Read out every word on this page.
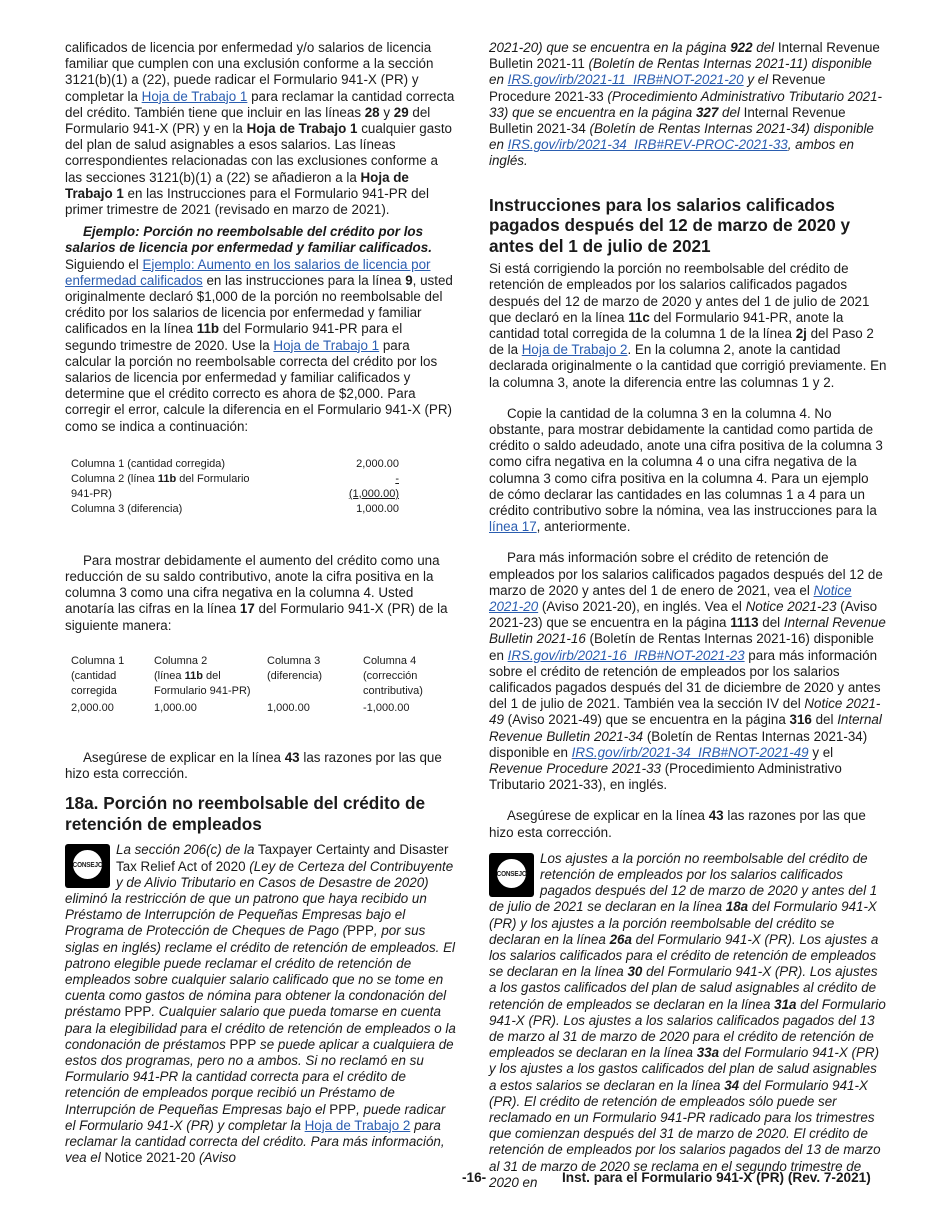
calificados de licencia por enfermedad y/o salarios de licencia familiar que cumplen con una exclusión conforme a la sección 3121(b)(1) a (22), puede radicar el Formulario 941-X (PR) y completar la Hoja de Trabajo 1 para reclamar la cantidad correcta del crédito. También tiene que incluir en las líneas 28 y 29 del Formulario 941-X (PR) y en la Hoja de Trabajo 1 cualquier gasto del plan de salud asignables a esos salarios. Las líneas correspondientes relacionadas con las exclusiones conforme a las secciones 3121(b)(1) a (22) se añadieron a la Hoja de Trabajo 1 en las Instrucciones para el Formulario 941-PR del primer trimestre de 2021 (revisado en marzo de 2021).

Ejemplo: Porción no reembolsable del crédito por los salarios de licencia por enfermedad y familiar calificados. Siguiendo el Ejemplo: Aumento en los salarios de licencia por enfermedad calificados en las instrucciones para la línea 9, usted originalmente declaró $1,000 de la porción no reembolsable del crédito por los salarios de licencia por enfermedad y familiar calificados en la línea 11b del Formulario 941-PR para el segundo trimestre de 2020. Use la Hoja de Trabajo 1 para calcular la porción no reembolsable correcta del crédito por los salarios de licencia por enfermedad y familiar calificados y determine que el crédito correcto es ahora de $2,000. Para corregir el error, calcule la diferencia en el Formulario 941-X (PR) como se indica a continuación:

Columna 1 (cantidad corregida)	2,000.00
Columna 2 (línea 11b del Formulario
941-PR)	- (1,000.00)
Columna 3 (diferencia)	1,000.00

Para mostrar debidamente el aumento del crédito como una reducción de su saldo contributivo, anote la cifra positiva en la columna 3 como una cifra negativa en la columna 4. Usted anotaría las cifras en la línea 17 del Formulario 941-X (PR) de la siguiente manera:

Columna 1	Columna 2	Columna 3	Columna 4
(cantidad corregida	(línea 11b del Formulario 941-PR)	(diferencia)	(corrección contributiva)
2,000.00	1,000.00	1,000.00	-1,000.00

Asegúrese de explicar en la línea 43 las razones por las que hizo esta corrección.

18a. Porción no reembolsable del crédito de retención de empleados
CONSEJO

La sección 206(c) de la Taxpayer Certainty and Disaster Tax Relief Act of 2020 (Ley de Certeza del Contribuyente y de Alivio Tributario en Casos de Desastre de 2020) eliminó la restricción de que un patrono que haya recibido un Préstamo de Interrupción de Pequeñas Empresas bajo el Programa de Protección de Cheques de Pago (PPP, por sus siglas en inglés) reclame el crédito de retención de empleados. El patrono elegible puede reclamar el crédito de retención de empleados sobre cualquier salario calificado que no se tome en cuenta como gastos de nómina para obtener la condonación del préstamo PPP. Cualquier salario que pueda tomarse en cuenta para la elegibilidad para el crédito de retención de empleados o la condonación de préstamos PPP se puede aplicar a cualquiera de estos dos programas, pero no a ambos. Si no reclamó en su Formulario 941-PR la cantidad correcta para el crédito de retención de empleados porque recibió un Préstamo de Interrupción de Pequeñas Empresas bajo el PPP, puede radicar el Formulario 941-X (PR) y completar la Hoja de Trabajo 2 para reclamar la cantidad correcta del crédito. Para más información, vea el Notice 2021-20 (Aviso

2021-20) que se encuentra en la página 922 del Internal Revenue Bulletin 2021-11 (Boletín de Rentas Internas 2021-11) disponible en IRS.gov/irb/2021-11_IRB#NOT-2021-20 y el Revenue Procedure 2021-33 (Procedimiento Administrativo Tributario 2021-33) que se encuentra en la página 327 del Internal Revenue Bulletin 2021-34 (Boletín de Rentas Internas 2021-34) disponible en IRS.gov/irb/2021-34_IRB#REV-PROC-2021-33, ambos en inglés.

Instrucciones para los salarios calificados pagados después del 12 de marzo de 2020 y antes del 1 de julio de 2021

Si está corrigiendo la porción no reembolsable del crédito de retención de empleados por los salarios calificados pagados después del 12 de marzo de 2020 y antes del 1 de julio de 2021 que declaró en la línea 11c del Formulario 941-PR, anote la cantidad total corregida de la columna 1 de la línea 2j del Paso 2 de la Hoja de Trabajo 2. En la columna 2, anote la cantidad declarada originalmente o la cantidad que corrigió previamente. En la columna 3, anote la diferencia entre las columnas 1 y 2.

Copie la cantidad de la columna 3 en la columna 4. No obstante, para mostrar debidamente la cantidad como partida de crédito o saldo adeudado, anote una cifra positiva de la columna 3 como cifra negativa en la columna 4 o una cifra negativa de la columna 3 como cifra positiva en la columna 4. Para un ejemplo de cómo declarar las cantidades en las columnas 1 a 4 para un crédito contributivo sobre la nómina, vea las instrucciones para la línea 17, anteriormente.

Para más información sobre el crédito de retención de empleados por los salarios calificados pagados después del 12 de marzo de 2020 y antes del 1 de enero de 2021, vea el Notice 2021-20 (Aviso 2021-20), en inglés. Vea el Notice 2021-23 (Aviso 2021-23) que se encuentra en la página 1113 del Internal Revenue Bulletin 2021-16 (Boletín de Rentas Internas 2021-16) disponible en IRS.gov/irb/2021-16_IRB#NOT-2021-23 para más información sobre el crédito de retención de empleados por los salarios calificados pagados después del 31 de diciembre de 2020 y antes del 1 de julio de 2021. También vea la sección IV del Notice 2021-49 (Aviso 2021-49) que se encuentra en la página 316 del Internal Revenue Bulletin 2021-34 (Boletín de Rentas Internas 2021-34) disponible en IRS.gov/irb/2021-34_IRB#NOT-2021-49 y el Revenue Procedure 2021-33 (Procedimiento Administrativo Tributario 2021-33), en inglés.

Asegúrese de explicar en la línea 43 las razones por las que hizo esta corrección.

CONSEJO

Los ajustes a la porción no reembolsable del crédito de retención de empleados por los salarios calificados pagados después del 12 de marzo de 2020 y antes del 1 de julio de 2021 se declaran en la línea 18a del Formulario 941-X (PR) y los ajustes a la porción reembolsable del crédito se declaran en la línea 26a del Formulario 941-X (PR). Los ajustes a los salarios calificados para el crédito de retención de empleados se declaran en la línea 30 del Formulario 941-X (PR). Los ajustes a los gastos calificados del plan de salud asignables al crédito de retención de empleados se declaran en la línea 31a del Formulario 941-X (PR). Los ajustes a los salarios calificados pagados del 13 de marzo al 31 de marzo de 2020 para el crédito de retención de empleados se declaran en la línea 33a del Formulario 941-X (PR) y los ajustes a los gastos calificados del plan de salud asignables a estos salarios se declaran en la línea 34 del Formulario 941-X (PR). El crédito de retención de empleados sólo puede ser reclamado en un Formulario 941-PR radicado para los trimestres que comienzan después del 31 de marzo de 2020. El crédito de retención de empleados por los salarios pagados del 13 de marzo al 31 de marzo de 2020 se reclama en el segundo trimestre de 2020 en

-16-	Inst. para el Formulario 941-X (PR) (Rev. 7-2021)
